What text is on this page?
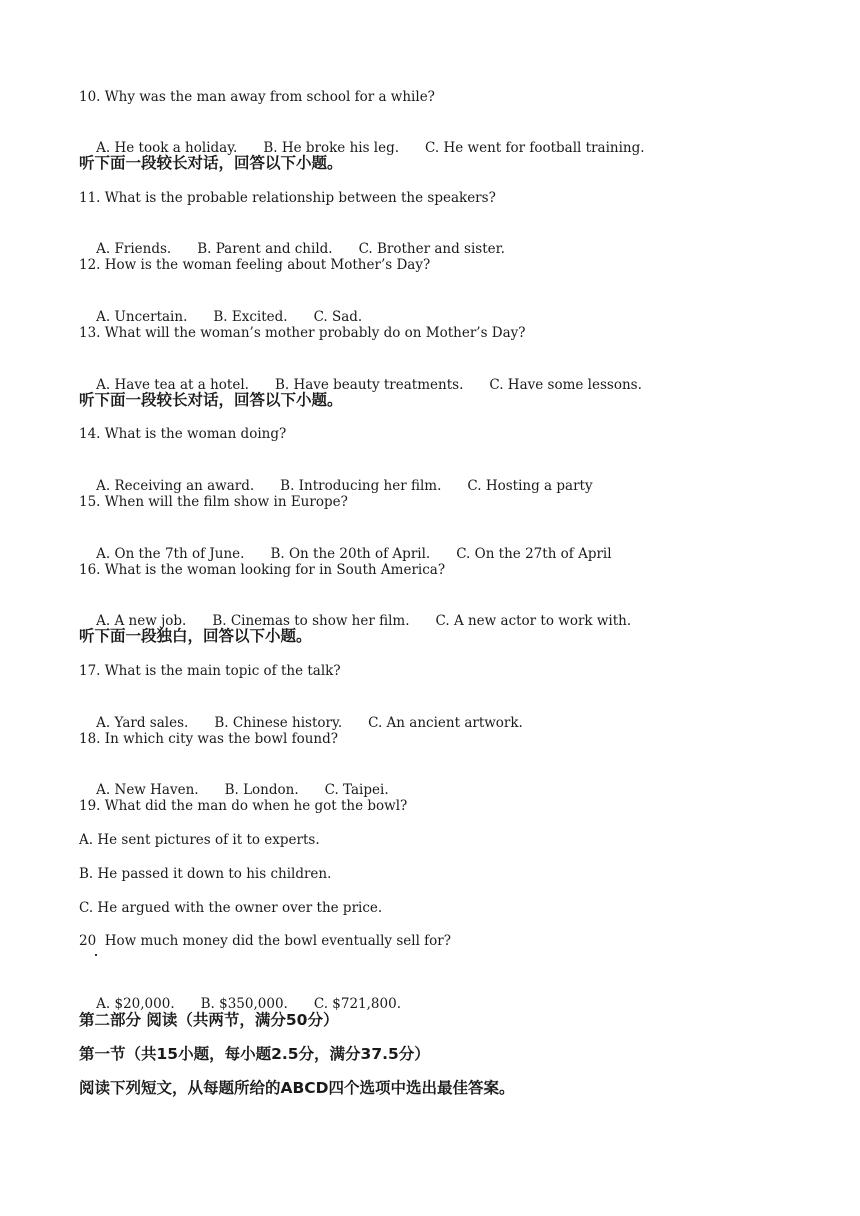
10. Why was the man away from school for a while?

A. He took a holiday. B. He broke his leg. C. He went for football training.

听下面一段较长对话，回答以下小题。
11. What is the probable relationship between the speakers?

A. Friends. B. Parent and child. C. Brother and sister.

12. How is the woman feeling about Mother’s Day?

A. Uncertain. B. Excited. C. Sad.

13. What will the woman’s mother probably do on Mother’s Day?

A. Have tea at a hotel. B. Have beauty treatments. C. Have some lessons.

听下面一段较长对话，回答以下小题。
14. What is the woman doing?

A. Receiving an award. B. Introducing her film. C. Hosting a party

15. When will the film show in Europe?

A. On the 7th of June. B. On the 20th of April. C. On the 27th of April

16. What is the woman looking for in South America?

A. A new job. B. Cinemas to show her film. C. A new actor to work with.

听下面一段独白，回答以下小题。
17. What is the main topic of the talk?

A. Yard sales. B. Chinese history. C. An ancient artwork.

18. In which city was the bowl found?

A. New Haven. B. London. C. Taipei.

19. What did the man do when he got the bowl?
A. He sent pictures of it to experts.
B. He passed it down to his children.
C. He argued with the owner over the price.
20  How much money did the bowl eventually sell for?

A. $20,000. B. $350,000. C. $721,800.

第二部分 阅读（共两节，满分50分）
第一节（共15小题，每小题2.5分，满分37.5分）
阅读下列短文，从每题所给的ABCD四个选项中选出最佳答案。
